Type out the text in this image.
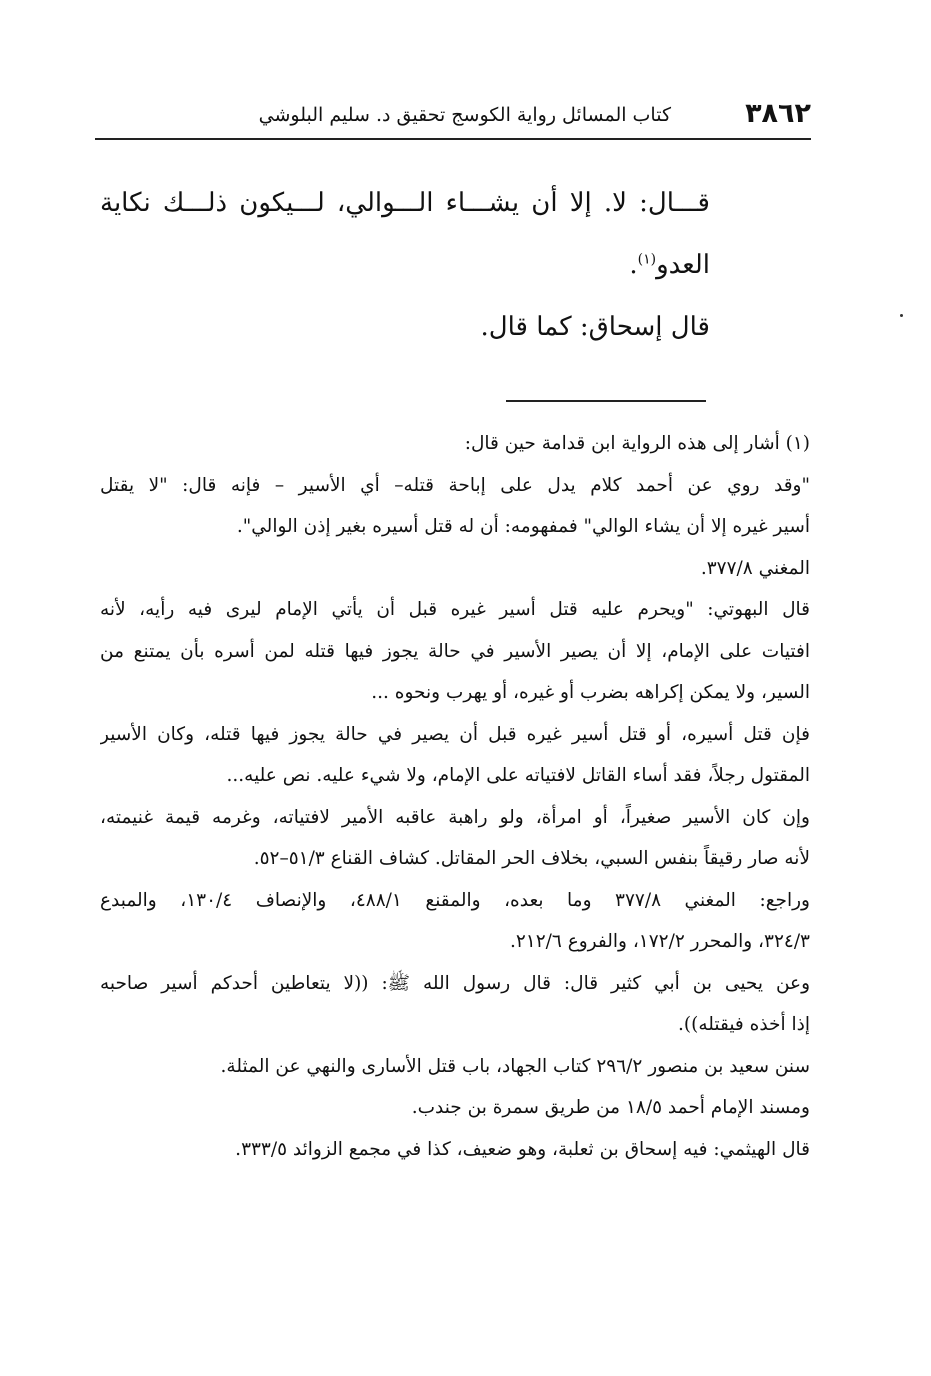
٣٨٦٢
كتاب المسائل رواية الكوسج تحقيق د. سليم البلوشي
قـــال: لا. إلا أن يشـــاء الـــوالي، لـــيكون ذلـــك نكاية
العدو$^{(١)}$.
قال إسحاق: كما قال.
(١) أشار إلى هذه الرواية ابن قدامة حين قال:
"وقد روي عن أحمد كلام يدل على إباحة قتله– أي الأسير – فإنه قال: "لا يقتل
أسير غيره إلا أن يشاء الوالي" فمفهومه: أن له قتل أسيره بغير إذن الوالي".
المغني ٣٧٧/٨.
قال البهوتي: "ويحرم عليه قتل أسير غيره قبل أن يأتي الإمام ليرى فيه رأيه، لأنه
افتيات على الإمام، إلا أن يصير الأسير في حالة يجوز فيها قتله لمن أسره بأن يمتنع من
السير، ولا يمكن إكراهه بضرب أو غيره، أو يهرب ونحوه ...
فإن قتل أسيره، أو قتل أسير غيره قبل أن يصير في حالة يجوز فيها قتله، وكان الأسير
المقتول رجلاً، فقد أساء القاتل لافتياته على الإمام، ولا شيء عليه. نص عليه...
وإن كان الأسير صغيراً، أو امرأة، ولو راهبة عاقبه الأمير لافتياته، وغرمه قيمة غنيمته،
لأنه صار رقيقاً بنفس السبي، بخلاف الحر المقاتل. كشاف القناع ٥١/٣–٥٢.
وراجع: المغني ٣٧٧/٨ وما بعده، والمقنع ٤٨٨/١، والإنصاف ١٣٠/٤، والمبدع
٣٢٤/٣، والمحرر ١٧٢/٢، والفروع ٢١٢/٦.
وعن يحيى بن أبي كثير قال: قال رسول الله ﷺ: ((لا يتعاطين أحدكم أسير صاحبه
إذا أخذه فيقتله)).
سنن سعيد بن منصور ٢٩٦/٢ كتاب الجهاد، باب قتل الأسارى والنهي عن المثلة.
ومسند الإمام أحمد ١٨/٥ من طريق سمرة بن جندب.
قال الهيثمي: فيه إسحاق بن ثعلبة، وهو ضعيف، كذا في مجمع الزوائد ٣٣٣/٥.
